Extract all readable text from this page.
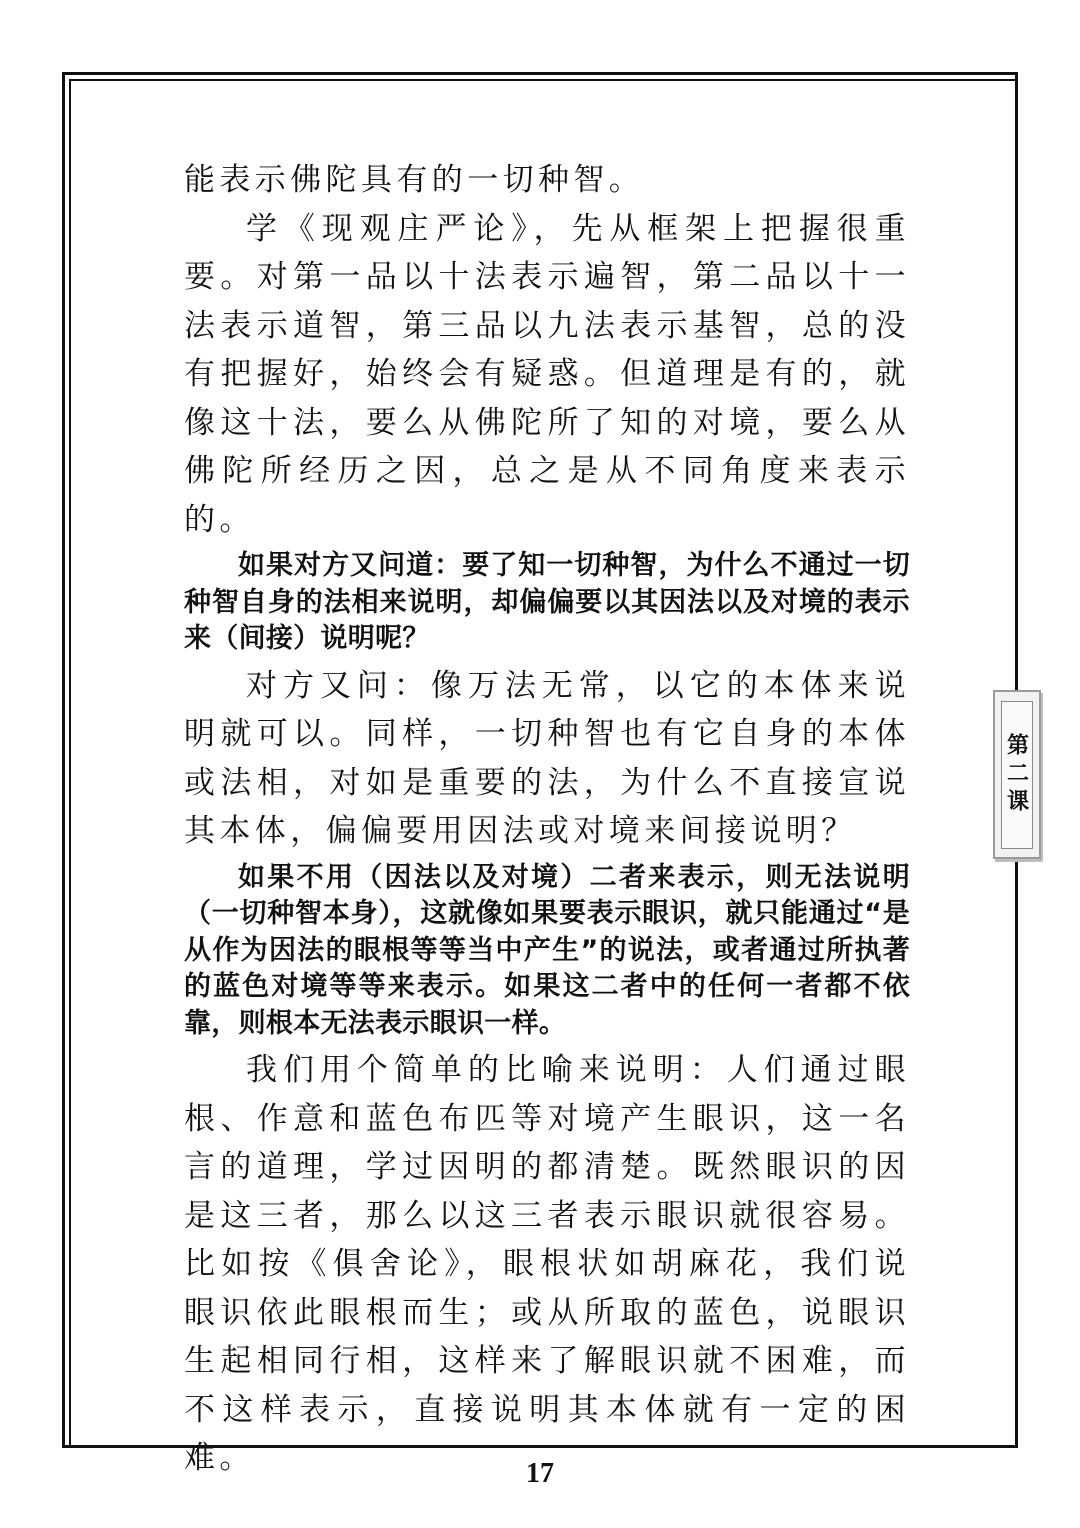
能表示佛陀具有的一切种智。

学《现观庄严论》，先从框架上把握很重要。对第一品以十法表示遍智，第二品以十一法表示道智，第三品以九法表示基智，总的没有把握好，始终会有疑惑。但道理是有的，就像这十法，要么从佛陀所了知的对境，要么从佛陀所经历之因，总之是从不同角度来表示的。

如果对方又问道：要了知一切种智，为什么不通过一切种智自身的法相来说明，却偏偏要以其因法以及对境的表示来（间接）说明呢？

对方又问：像万法无常，以它的本体来说明就可以。同样，一切种智也有它自身的本体或法相，对如是重要的法，为什么不直接宣说其本体，偏偏要用因法或对境来间接说明？

如果不用（因法以及对境）二者来表示，则无法说明（一切种智本身），这就像如果要表示眼识，就只能通过“是从作为因法的眼根等等当中产生”的说法，或者通过所执著的蓝色对境等等来表示。如果这二者中的任何一者都不依靠，则根本无法表示眼识一样。

我们用个简单的比喻来说明：人们通过眼根、作意和蓝色布匹等对境产生眼识，这一名言的道理，学过因明的都清楚。既然眼识的因是这三者，那么以这三者表示眼识就很容易。比如按《俱舍论》，眼根状如胡麻花，我们说眼识依此眼根而生；或从所取的蓝色，说眼识生起相同行相，这样来了解眼识就不困难，而不这样表示，直接说明其本体就有一定的困难。

第二课
17
